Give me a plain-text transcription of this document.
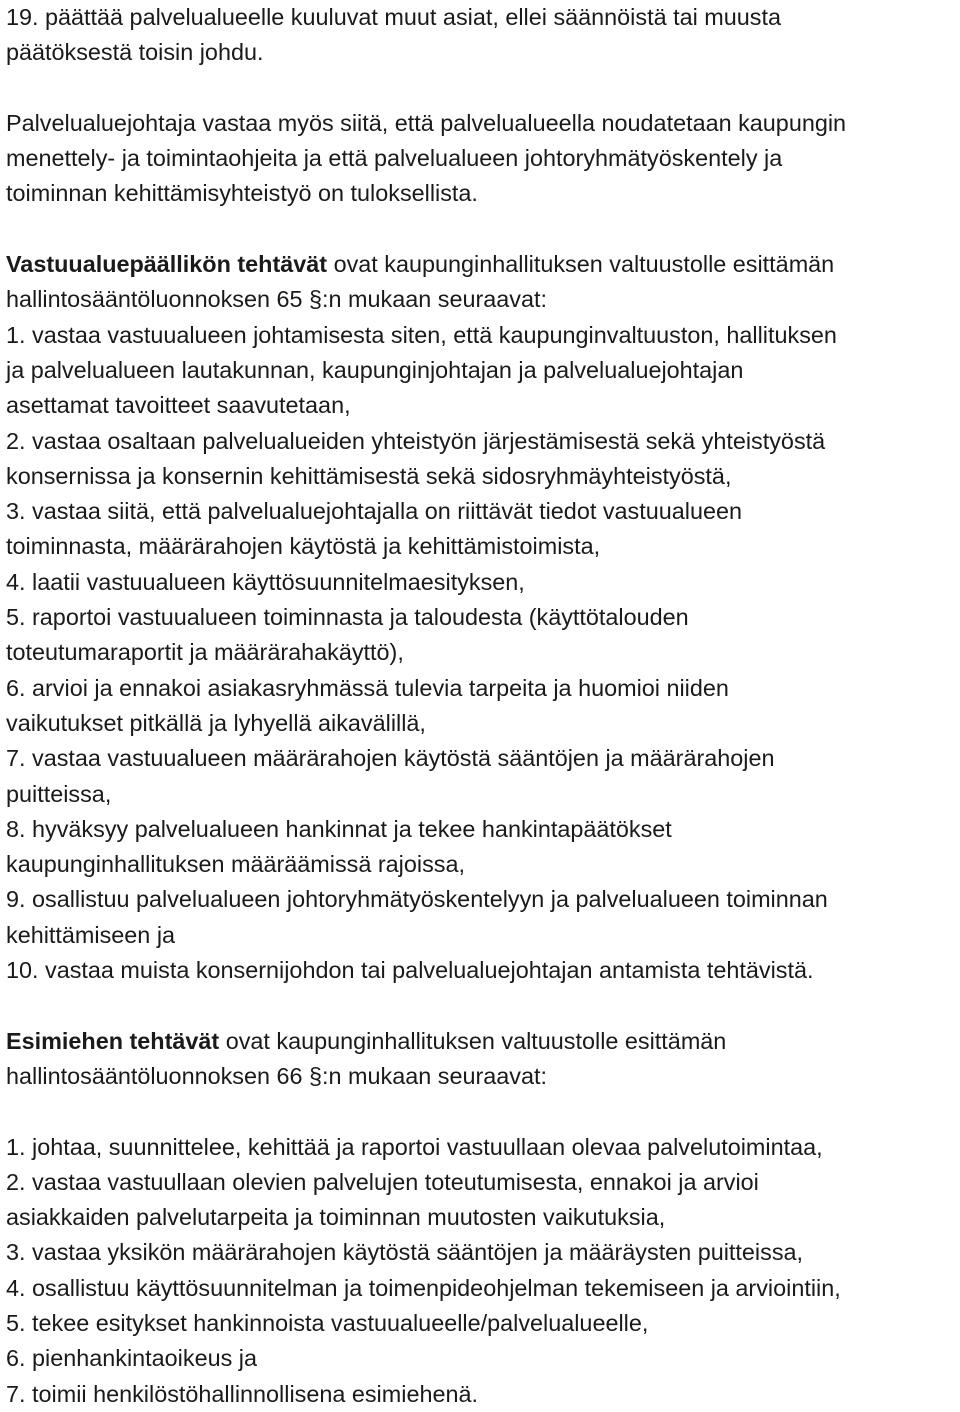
19. päättää palvelualueelle kuuluvat muut asiat, ellei säännöistä tai muusta
päätöksestä toisin johdu.
Palvelualuejohtaja vastaa myös siitä, että palvelualueella noudatetaan kaupungin
menettely- ja toimintaohjeita ja että palvelualueen johtoryhmätyöskentely ja
toiminnan kehittämisyhteistyö on tuloksellista.
Vastuualuepäällikön tehtävät ovat kaupunginhallituksen valtuustolle esittämän
hallintosääntöluonnoksen 65 §:n mukaan seuraavat:
1. vastaa vastuualueen johtamisesta siten, että kaupunginvaltuuston, hallituksen
ja palvelualueen lautakunnan, kaupunginjohtajan ja palvelualuejohtajan
asettamat tavoitteet saavutetaan,
2. vastaa osaltaan palvelualueiden yhteistyön järjestämisestä sekä yhteistyöstä
konsernissa ja konsernin kehittämisestä sekä sidosryhmäyhteistyöstä,
3. vastaa siitä, että palvelualuejohtajalla on riittävät tiedot vastuualueen
toiminnasta, määrärahojen käytöstä ja kehittämistoimista,
4. laatii vastuualueen käyttösuunnitelmaesityksen,
5. raportoi vastuualueen toiminnasta ja taloudesta (käyttötalouden
toteutumaraportit ja määrärahakäyttö),
6. arvioi ja ennakoi asiakasryhmässä tulevia tarpeita ja huomioi niiden
vaikutukset pitkällä ja lyhyellä aikavälillä,
7. vastaa vastuualueen määrärahojen käytöstä sääntöjen ja määrärahojen
puitteissa,
8. hyväksyy palvelualueen hankinnat ja tekee hankintapäätökset
kaupunginhallituksen määräämissä rajoissa,
9. osallistuu palvelualueen johtoryhmätyöskentelyyn ja palvelualueen toiminnan
kehittämiseen ja
10. vastaa muista konsernijohdon tai palvelualuejohtajan antamista tehtävistä.
Esimiehen tehtävät ovat kaupunginhallituksen valtuustolle esittämän
hallintosääntöluonnoksen 66 §:n mukaan seuraavat:
1. johtaa, suunnittelee, kehittää ja raportoi vastuullaan olevaa palvelutoimintaa,
2. vastaa vastuullaan olevien palvelujen toteutumisesta, ennakoi ja arvioi
asiakkaiden palvelutarpeita ja toiminnan muutosten vaikutuksia,
3. vastaa yksikön määrärahojen käytöstä sääntöjen ja määräysten puitteissa,
4. osallistuu käyttösuunnitelman ja toimenpideohjelman tekemiseen ja arviointiin,
5. tekee esitykset hankinnoista vastuualueelle/palvelualueelle,
6. pienhankintaoikeus ja
7. toimii henkilöstöhallinnollisena esimiehenä.
